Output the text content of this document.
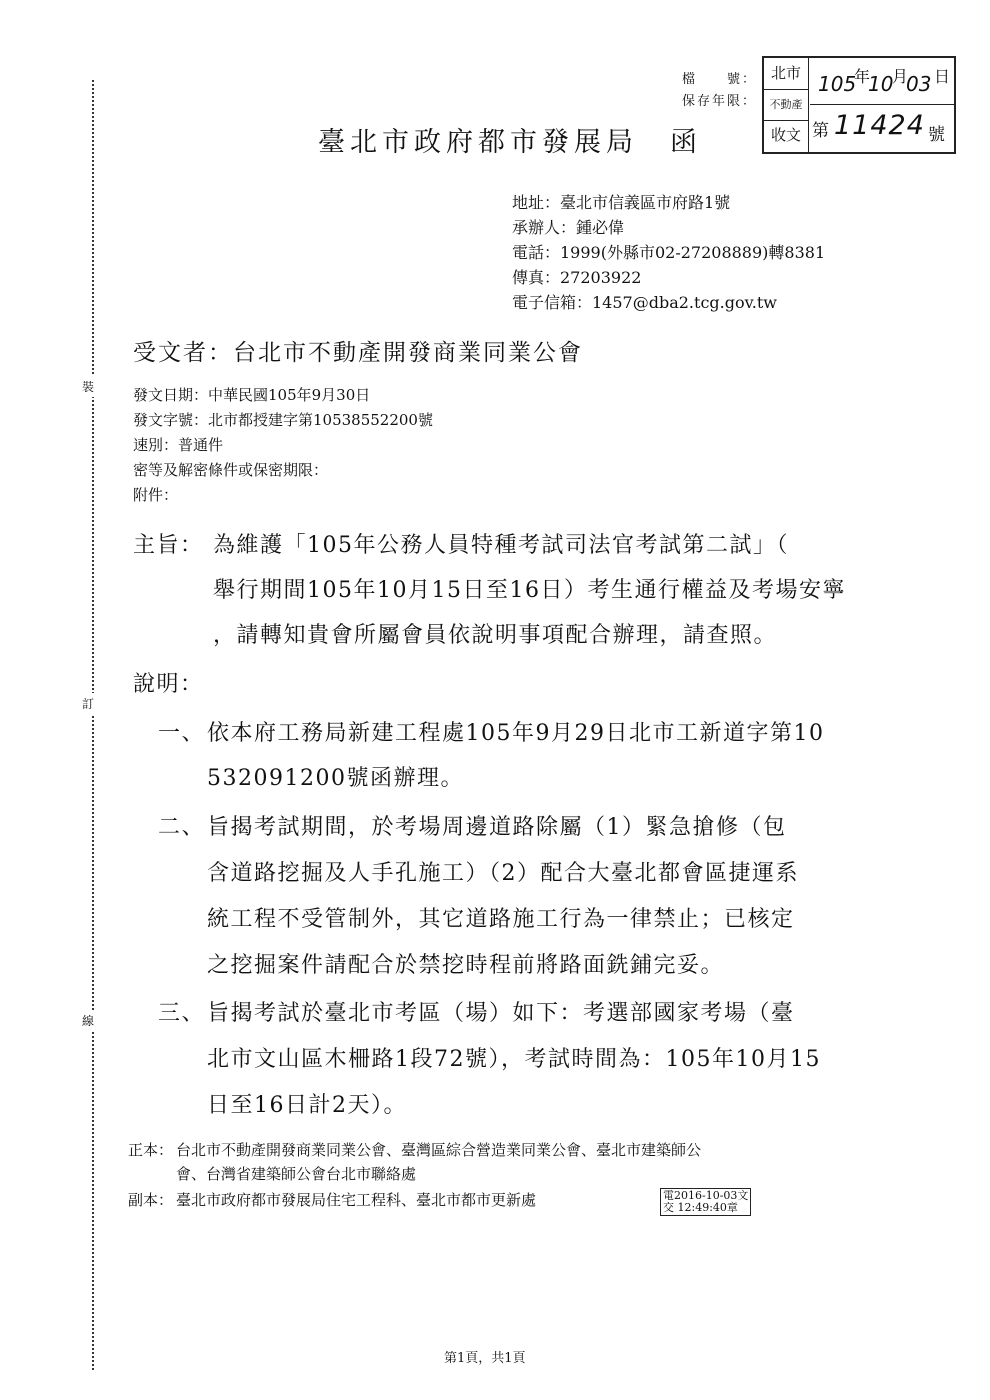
裝
訂
線
檔　　號：
保存年限：
北市
不動產
收文
105
年
10
月
03 日
第 11424 號
臺北市政府都市發展局　函
地址：臺北市信義區市府路1號
承辦人：鍾必偉
電話：1999(外縣市02-27208889)轉8381
傳真：27203922
電子信箱：1457@dba2.tcg.gov.tw
受文者：台北市不動產開發商業同業公會
發文日期：中華民國105年9月30日
發文字號：北市都授建字第10538552200號
速別：普通件
密等及解密條件或保密期限：
附件：
主旨： 為維護「105年公務人員特種考試司法官考試第二試」（
舉行期間105年10月15日至16日）考生通行權益及考場安寧
，請轉知貴會所屬會員依說明事項配合辦理，請查照。
說明：
一、 依本府工務局新建工程處105年9月29日北市工新道字第10
532091200號函辦理。
二、 旨揭考試期間，於考場周邊道路除屬（1）緊急搶修（包
含道路挖掘及人手孔施工）（2）配合大臺北都會區捷運系
統工程不受管制外，其它道路施工行為一律禁止；已核定
之挖掘案件請配合於禁挖時程前將路面銑鋪完妥。
三、 旨揭考試於臺北市考區（場）如下：考選部國家考場（臺
北市文山區木柵路1段72號），考試時間為：105年10月15
日至16日計2天）。
正本： 台北市不動產開發商業同業公會、臺灣區綜合營造業同業公會、臺北市建築師公
會、台灣省建築師公會台北市聯絡處
副本： 臺北市政府都市發展局住宅工程科、臺北市都市更新處	電2016-10-03文
交 12:49:40章
第1頁，共1頁
